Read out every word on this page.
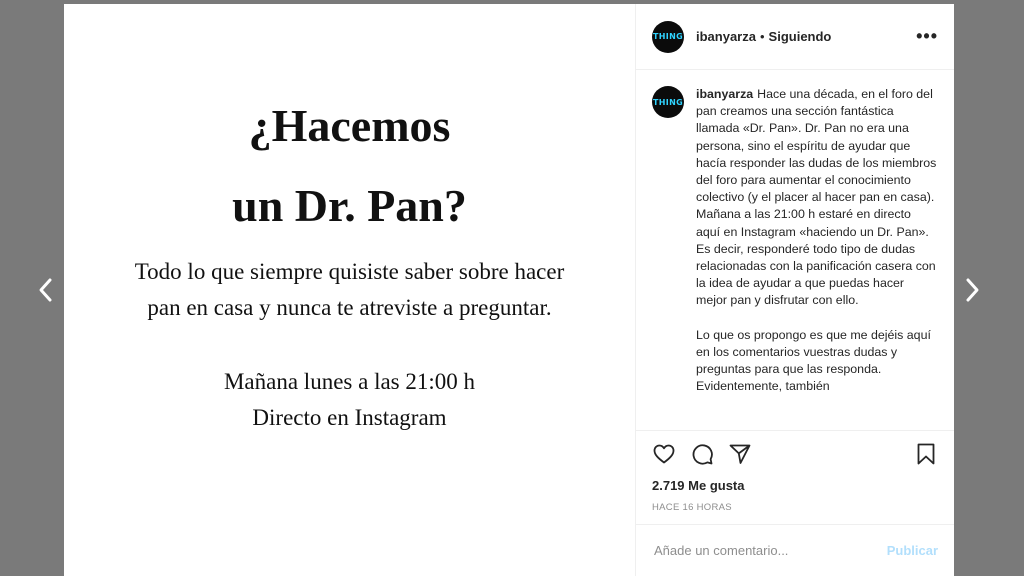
¿Hacemos
un Dr. Pan?
Todo lo que siempre quisiste saber sobre hacer
pan en casa y nunca te atreviste a preguntar.
Mañana lunes a las 21:00 h
Directo en Instagram
THING ibanyarza • Siguiendo	•••
THING

ibanyarza Hace una década, en el foro del pan creamos una sección fantástica llamada «Dr. Pan». Dr. Pan no era una persona, sino el espíritu de ayudar que hacía responder las dudas de los miembros del foro para aumentar el conocimiento colectivo (y el placer al hacer pan en casa). Mañana a las 21:00 h estaré en directo aquí en Instagram «haciendo un Dr. Pan». Es decir, responderé todo tipo de dudas relacionadas con la panificación casera con la idea de ayudar a que puedas hacer mejor pan y disfrutar con ello.

Lo que os propongo es que me dejéis aquí en los comentarios vuestras dudas y preguntas para que las responda. Evidentemente, también

2.719 Me gusta
HACE 16 HORAS
Añade un comentario...
Publicar
